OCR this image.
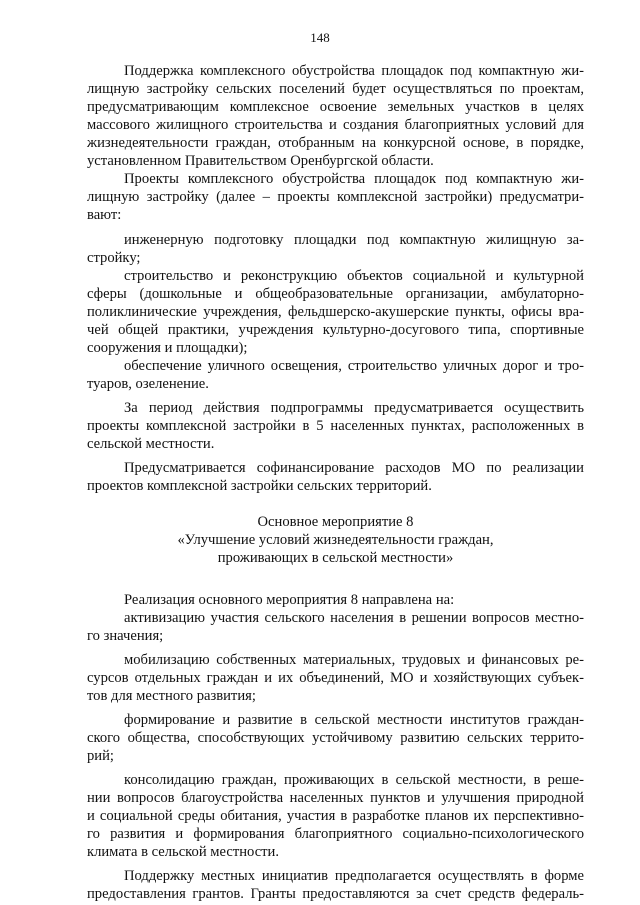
148
Поддержка комплексного обустройства площадок под компактную жи-
лищную застройку сельских поселений будет осуществляться по проектам,
предусматривающим комплексное освоение земельных участков в целях
массового жилищного строительства и создания благоприятных условий для
жизнедеятельности граждан, отобранным на конкурсной основе, в порядке,
установленном Правительством Оренбургской области.
Проекты комплексного обустройства площадок под компактную жи-
лищную застройку (далее – проекты комплексной застройки) предусматри-
вают:
инженерную подготовку площадки под компактную жилищную за-
стройку;
строительство и реконструкцию объектов социальной и культурной
сферы (дошкольные и общеобразовательные организации, амбулаторно-
поликлинические учреждения, фельдшерско-акушерские пункты, офисы вра-
чей общей практики, учреждения культурно-досугового типа, спортивные
сооружения и площадки);
обеспечение уличного освещения, строительство уличных дорог и тро-
туаров, озеленение.
За период действия подпрограммы предусматривается осуществить
проекты комплексной застройки в 5 населенных пунктах, расположенных в
сельской местности.
Предусматривается софинансирование расходов МО по реализации
проектов комплексной застройки сельских территорий.
Основное мероприятие 8
«Улучшение условий жизнедеятельности граждан,
проживающих в сельской местности»
Реализация основного мероприятия 8 направлена на:
активизацию участия сельского населения в решении вопросов местно-
го значения;
мобилизацию собственных материальных, трудовых и финансовых ре-
сурсов отдельных граждан и их объединений, МО и хозяйствующих субъек-
тов для местного развития;
формирование и развитие в сельской местности институтов граждан-
ского общества, способствующих устойчивому развитию сельских террито-
рий;
консолидацию граждан, проживающих в сельской местности, в реше-
нии вопросов благоустройства населенных пунктов и улучшения природной
и социальной среды обитания, участия в разработке планов их перспективно-
го развития и формирования благоприятного социально-психологического
климата в сельской местности.
Поддержку местных инициатив предполагается осуществлять в форме
предоставления грантов. Гранты предоставляются за счет средств федераль-
